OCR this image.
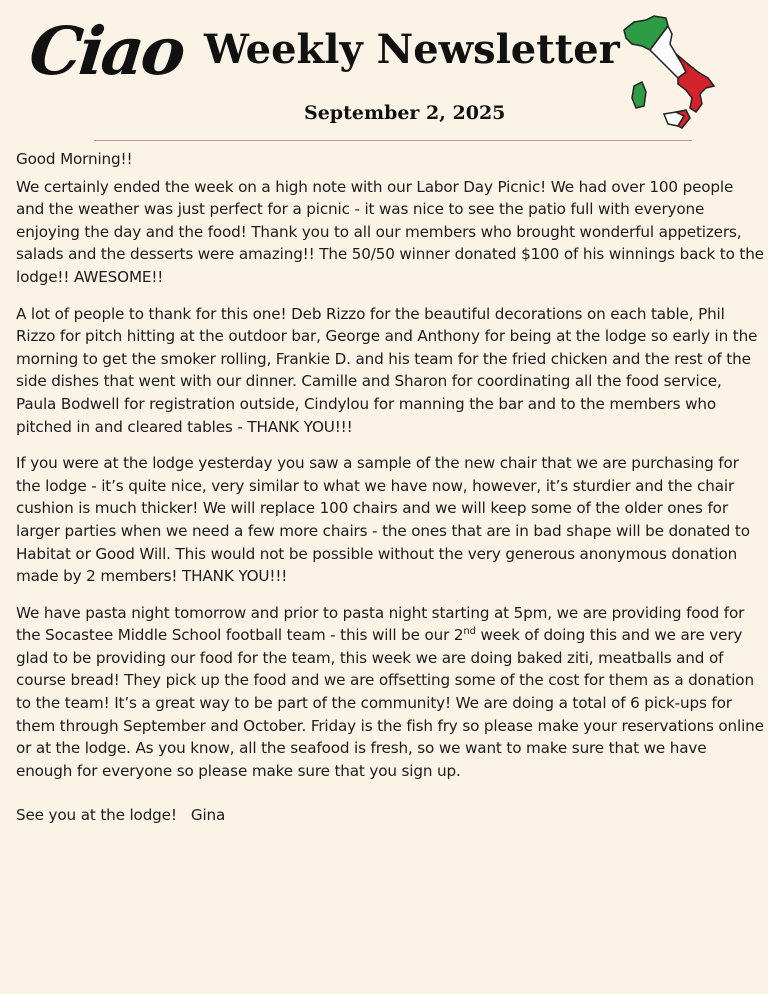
Ciao Weekly Newsletter
September 2, 2025

Good Morning!!

We certainly ended the week on a high note with our Labor Day Picnic! We had over 100 people and the weather was just perfect for a picnic - it was nice to see the patio full with everyone enjoying the day and the food! Thank you to all our members who brought wonderful appetizers, salads and the desserts were amazing!! The 50/50 winner donated $100 of his winnings back to the lodge!! AWESOME!!

A lot of people to thank for this one! Deb Rizzo for the beautiful decorations on each table, Phil Rizzo for pitch hitting at the outdoor bar, George and Anthony for being at the lodge so early in the morning to get the smoker rolling, Frankie D. and his team for the fried chicken and the rest of the side dishes that went with our dinner. Camille and Sharon for coordinating all the food service, Paula Bodwell for registration outside, Cindylou for manning the bar and to the members who pitched in and cleared tables - THANK YOU!!!

If you were at the lodge yesterday you saw a sample of the new chair that we are purchasing for the lodge - it’s quite nice, very similar to what we have now, however, it’s sturdier and the chair cushion is much thicker! We will replace 100 chairs and we will keep some of the older ones for larger parties when we need a few more chairs - the ones that are in bad shape will be donated to Habitat or Good Will. This would not be possible without the very generous anonymous donation made by 2 members! THANK YOU!!!

We have pasta night tomorrow and prior to pasta night starting at 5pm, we are providing food for the Socastee Middle School football team - this will be our 2nd week of doing this and we are very glad to be providing our food for the team, this week we are doing baked ziti, meatballs and of course bread! They pick up the food and we are offsetting some of the cost for them as a donation to the team! It’s a great way to be part of the community! We are doing a total of 6 pick-ups for them through September and October. Friday is the fish fry so please make your reservations online or at the lodge. As you know, all the seafood is fresh, so we want to make sure that we have enough for everyone so please make sure that you sign up.

See you at the lodge!   Gina
